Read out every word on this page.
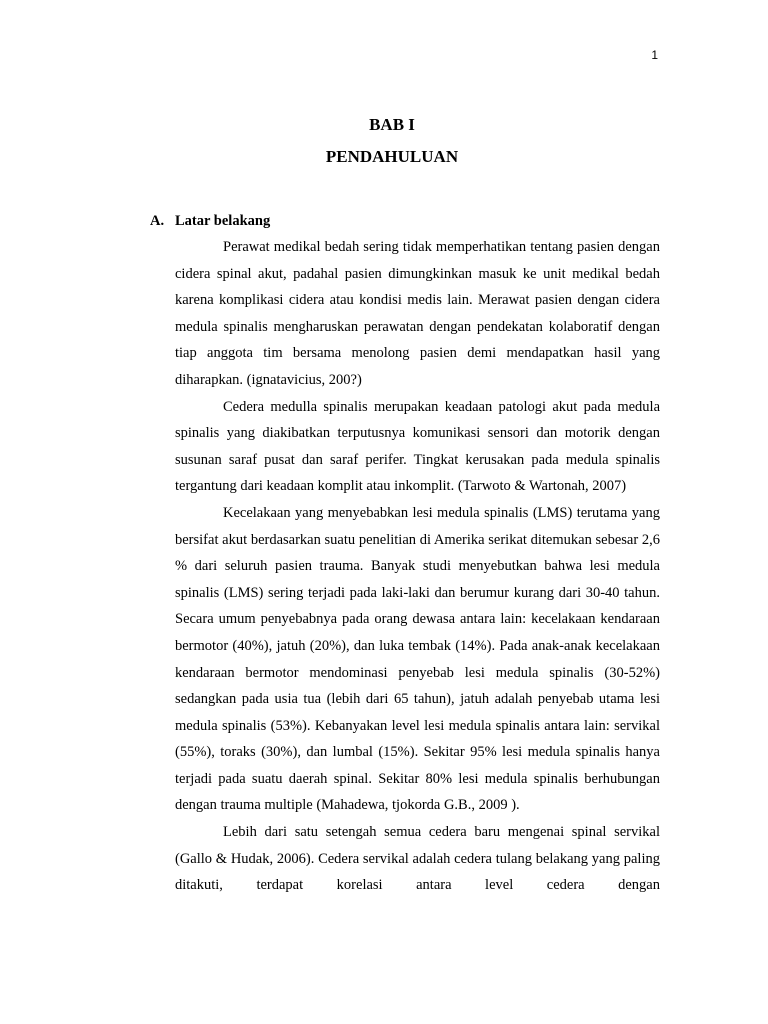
1
BAB I
PENDAHULUAN
A. Latar belakang

Perawat medikal bedah sering tidak memperhatikan tentang pasien dengan cidera spinal akut, padahal pasien dimungkinkan masuk ke unit medikal bedah karena komplikasi cidera atau kondisi medis lain. Merawat pasien dengan cidera medula spinalis mengharuskan perawatan dengan pendekatan kolaboratif dengan tiap anggota tim bersama menolong pasien demi mendapatkan hasil yang diharapkan. (ignatavicius, 200?)

Cedera medulla spinalis merupakan keadaan patologi akut pada medula spinalis yang diakibatkan terputusnya komunikasi sensori dan motorik dengan susunan saraf pusat dan saraf perifer. Tingkat kerusakan pada medula spinalis tergantung dari keadaan komplit atau inkomplit. (Tarwoto & Wartonah, 2007)

Kecelakaan yang menyebabkan lesi medula spinalis (LMS) terutama yang bersifat akut berdasarkan suatu penelitian di Amerika serikat ditemukan sebesar 2,6 % dari seluruh pasien trauma. Banyak studi menyebutkan bahwa lesi medula spinalis (LMS) sering terjadi pada laki-laki dan berumur kurang dari 30-40 tahun. Secara umum penyebabnya pada orang dewasa antara lain: kecelakaan kendaraan bermotor (40%), jatuh (20%), dan luka tembak (14%). Pada anak-anak kecelakaan kendaraan bermotor mendominasi penyebab lesi medula spinalis (30-52%) sedangkan pada usia tua (lebih dari 65 tahun), jatuh adalah penyebab utama lesi medula spinalis (53%). Kebanyakan level lesi medula spinalis antara lain: servikal (55%), toraks (30%), dan lumbal (15%). Sekitar 95% lesi medula spinalis hanya terjadi pada suatu daerah spinal. Sekitar 80% lesi medula spinalis berhubungan dengan trauma multiple (Mahadewa, tjokorda G.B., 2009 ).

Lebih dari satu setengah semua cedera baru mengenai spinal servikal (Gallo & Hudak, 2006). Cedera servikal adalah cedera tulang belakang yang paling ditakuti, terdapat korelasi antara level cedera dengan
